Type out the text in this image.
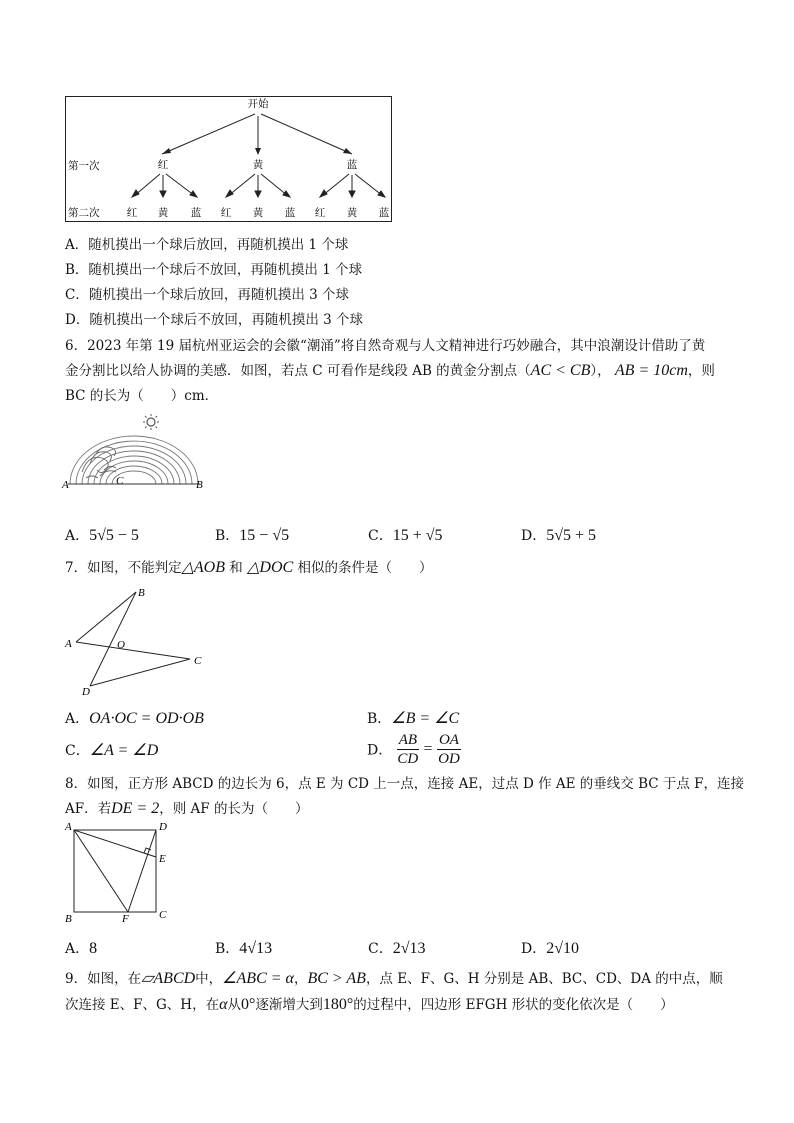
开始
第一次
第二次
红	黄	蓝
红 黄 蓝 红 黄 蓝 红 黄 蓝
A．随机摸出一个球后放回，再随机摸出 1 个球
B．随机摸出一个球后不放回，再随机摸出 1 个球
C．随机摸出一个球后放回，再随机摸出 3 个球
D．随机摸出一个球后不放回，再随机摸出 3 个球
6．2023 年第 19 届杭州亚运会的会徽“潮涌”将自然奇观与人文精神进行巧妙融合，其中浪潮设计借助了黄
金分割比以给人协调的美感．如图，若点 C 可看作是线段 AB 的黄金分割点（AC < CB）， AB = 10cm，则
BC 的长为（　　）cm．
A	C	B
A．5√5 − 5	B．15 − √5	C．15 + √5	D．5√5 + 5
7．如图，不能判定△AOB 和 △DOC 相似的条件是（　　）
A
B
O
C
D
A．OA·OC = OD·OB	B．∠B = ∠C
C．∠A = ∠D	D． $\frac{AB}{CD} = \frac{OA}{OD}$
8．如图，正方形 ABCD 的边长为 6，点 E 为 CD 上一点，连接 AE，过点 D 作 AE 的垂线交 BC 于点 F，连接
AF．若DE = 2，则 AF 的长为（　　）
A	D
E
B	F	C
A．8	B．4√13	C．2√13	D．2√10
9．如图，在▱ABCD中，∠ABC = α，BC > AB，点 E、F、G、H 分别是 AB、BC、CD、DA 的中点，顺
次连接 E、F、G、H，在α从0°逐渐增大到180°的过程中，四边形 EFGH 形状的变化依次是（　　）
